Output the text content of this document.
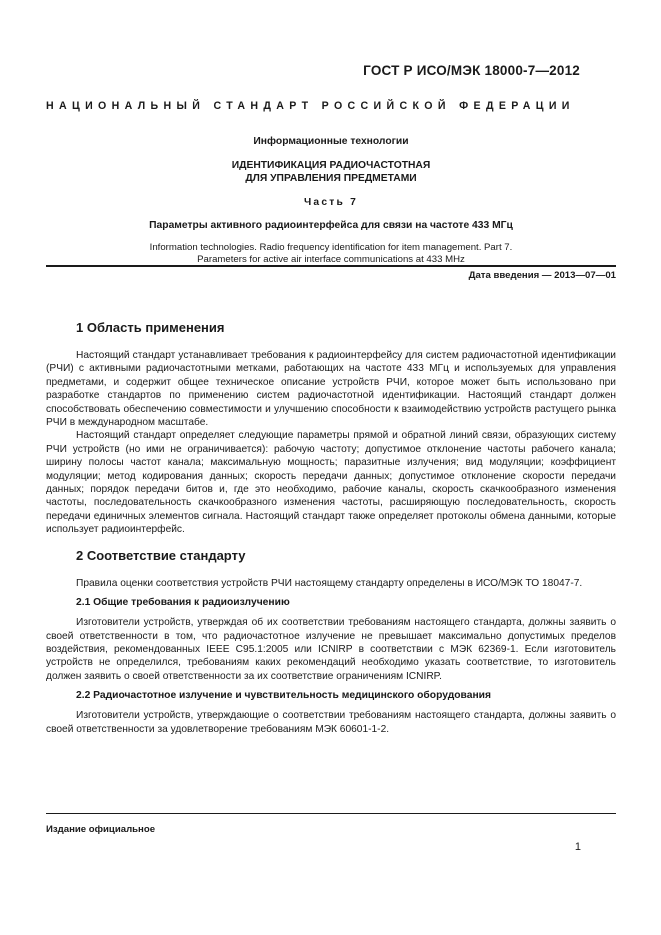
ГОСТ Р ИСО/МЭК 18000-7—2012
НАЦИОНАЛЬНЫЙ СТАНДАРТ РОССИЙСКОЙ ФЕДЕРАЦИИ
Информационные технологии
ИДЕНТИФИКАЦИЯ РАДИОЧАСТОТНАЯ
ДЛЯ УПРАВЛЕНИЯ ПРЕДМЕТАМИ
Часть 7
Параметры активного радиоинтерфейса для связи на частоте 433 МГц
Information technologies. Radio frequency identification for item management. Part 7.
Parameters for active air interface communications at 433 MHz
Дата введения — 2013—07—01
1 Область применения

Настоящий стандарт устанавливает требования к радиоинтерфейсу для систем радиочастотной идентификации (РЧИ) с активными радиочастотными метками, работающих на частоте 433 МГц и используемых для управления предметами, и содержит общее техническое описание устройств РЧИ, которое может быть использовано при разработке стандартов по применению систем радиочастотной идентификации. Настоящий стандарт должен способствовать обеспечению совместимости и улучшению способности к взаимодействию устройств растущего рынка РЧИ в международном масштабе.

Настоящий стандарт определяет следующие параметры прямой и обратной линий связи, образующих систему РЧИ устройств (но ими не ограничивается): рабочую частоту; допустимое отклонение частоты рабочего канала; ширину полосы частот канала; максимальную мощность; паразитные излучения; вид модуляции; коэффициент модуляции; метод кодирования данных; скорость передачи данных; допустимое отклонение скорости передачи данных; порядок передачи битов и, где это необходимо, рабочие каналы, скорость скачкообразного изменения частоты, последовательность скачкообразного изменения частоты, расширяющую последовательность, скорость передачи единичных элементов сигнала. Настоящий стандарт также определяет протоколы обмена данными, которые использует радиоинтерфейс.

2 Соответствие стандарту

Правила оценки соответствия устройств РЧИ настоящему стандарту определены в ИСО/МЭК ТО 18047-7.

2.1 Общие требования к радиоизлучению

Изготовители устройств, утверждая об их соответствии требованиям настоящего стандарта, должны заявить о своей ответственности в том, что радиочастотное излучение не превышает максимально допустимых пределов воздействия, рекомендованных IEEE C95.1:2005 или ICNIRP в соответствии с МЭК 62369-1. Если изготовитель устройств не определился, требованиям каких рекомендаций необходимо указать соответствие, то изготовитель должен заявить о своей ответственности за их соответствие ограничениям ICNIRP.

2.2 Радиочастотное излучение и чувствительность медицинского оборудования

Изготовители устройств, утверждающие о соответствии требованиям настоящего стандарта, должны заявить о своей ответственности за удовлетворение требованиям МЭК 60601-1-2.

Издание официальное
1
